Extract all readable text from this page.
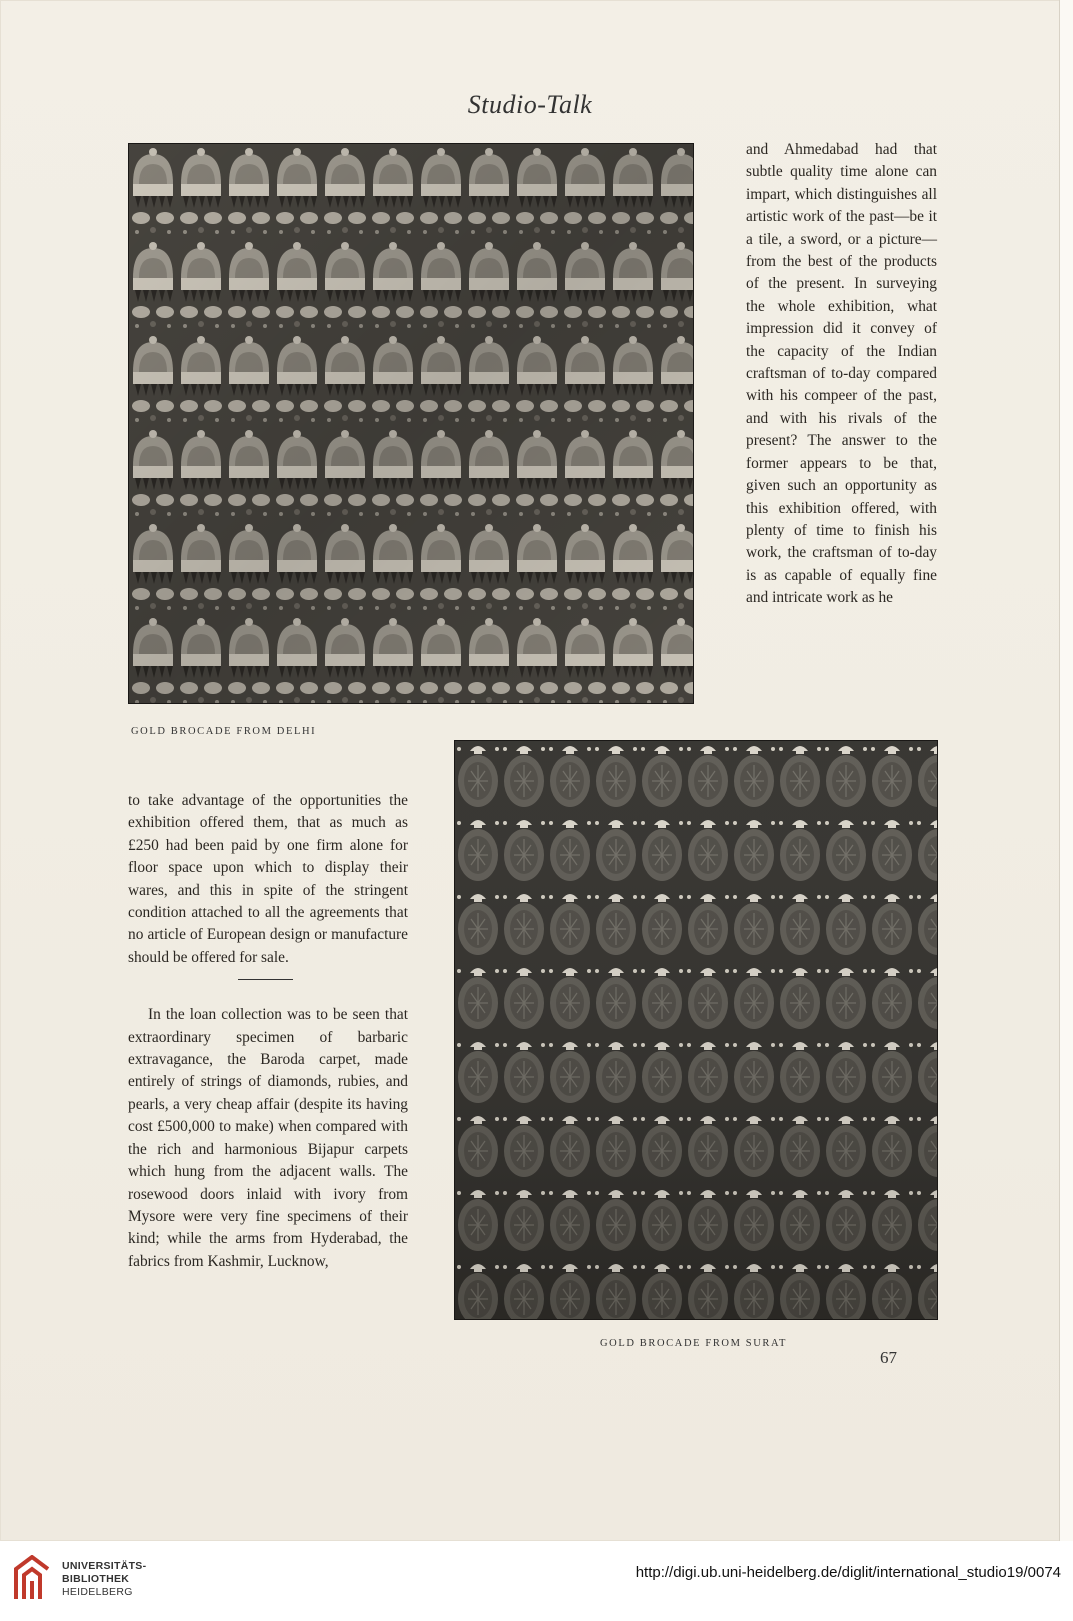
Studio-Talk
GOLD BROCADE FROM DELHI

and Ahmedabad had that subtle quality time alone can impart, which distinguishes all artistic work of the past—be it a tile, a sword, or a picture—from the best of the products of the present. In surveying the whole exhibition, what impression did it convey of the capacity of the Indian craftsman of to-day compared with his compeer of the past, and with his rivals of the present? The answer to the former appears to be that, given such an opportunity as this exhibition offered, with plenty of time to finish his work, the craftsman of to-day is as capable of equally fine and intricate work as he

to take advantage of the opportunities the exhibition offered them, that as much as £250 had been paid by one firm alone for floor space upon which to display their wares, and this in spite of the stringent condition attached to all the agreements that no article of European design or manufacture should be offered for sale.

In the loan collection was to be seen that extraordinary specimen of barbaric extravagance, the Baroda carpet, made entirely of strings of diamonds, rubies, and pearls, a very cheap affair (despite its having cost £500,000 to make) when compared with the rich and harmonious Bijapur carpets which hung from the adjacent walls. The rosewood doors inlaid with ivory from Mysore were very fine specimens of their kind; while the arms from Hyderabad, the fabrics from Kashmir, Lucknow,

GOLD BROCADE FROM SURAT
67
UNIVERSITÄTS-
BIBLIOTHEK
HEIDELBERG
http://digi.ub.uni-heidelberg.de/diglit/international_studio19/0074
